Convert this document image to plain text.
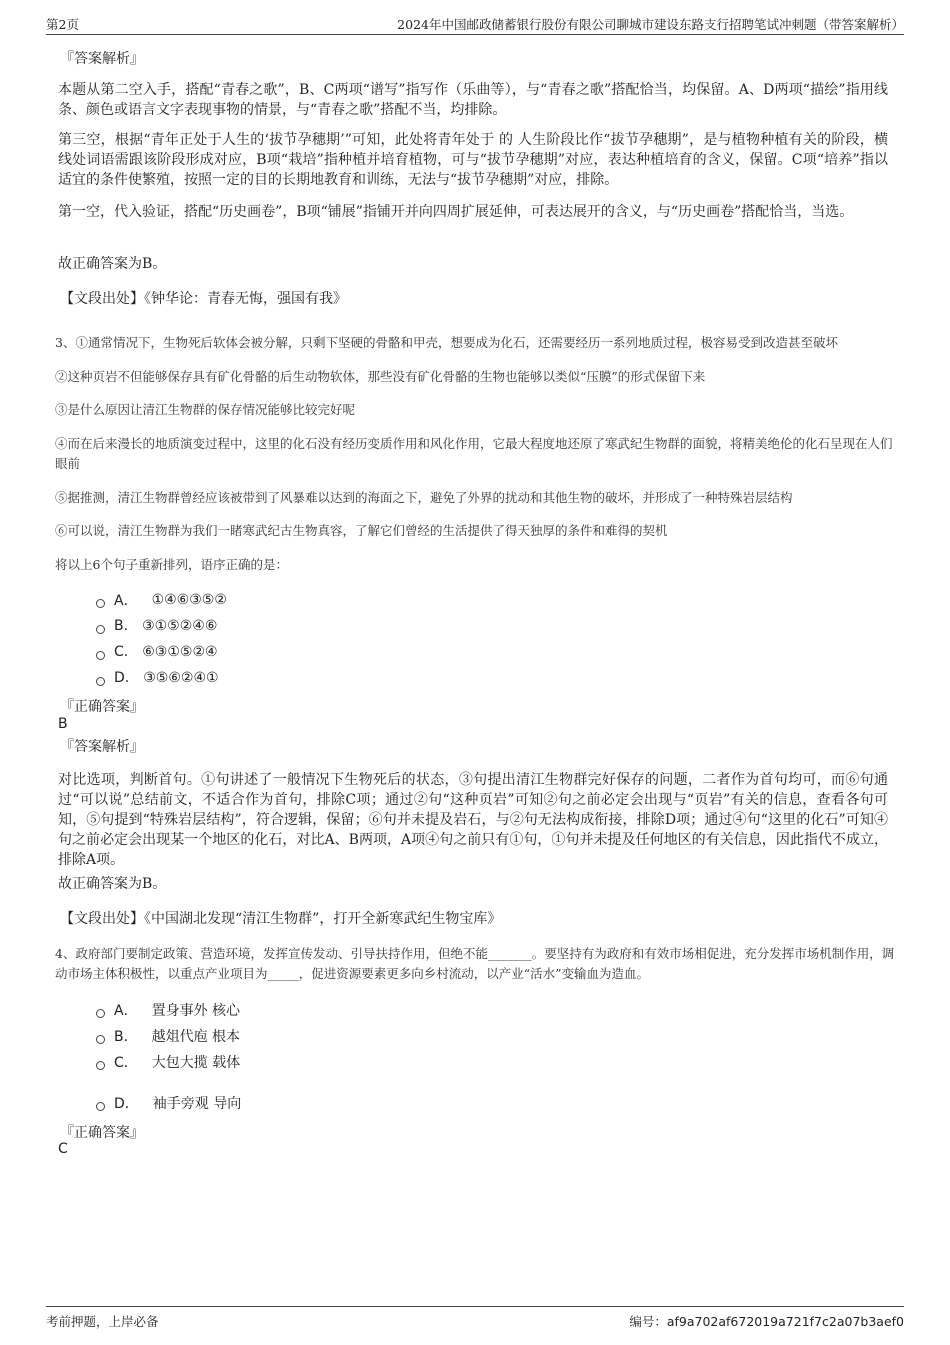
第2页	2024年中国邮政储蓄银行股份有限公司聊城市建设东路支行招聘笔试冲刺题（带答案解析）
『答案解析』

本题从第二空入手，搭配“青春之歌”，B、C两项“谱写”指写作（乐曲等），与“青春之歌”搭配恰当，均保留。A、D两项“描绘”指用线条、颜色或语言文字表现事物的情景，与“青春之歌”搭配不当，均排除。

第三空，根据“青年正处于人生的‘拔节孕穗期’”可知，此处将青年处于 的 人生阶段比作“拔节孕穗期”，是与植物种植有关的阶段，横线处词语需跟该阶段形成对应，B项“栽培”指种植并培育植物，可与“拔节孕穗期”对应，表达种植培育的含义，保留。C项“培养”指以适宜的条件使繁殖，按照一定的目的长期地教育和训练，无法与“拔节孕穗期”对应，排除。

第一空，代入验证，搭配“历史画卷”，B项“铺展”指铺开并向四周扩展延伸，可表达展开的含义，与“历史画卷”搭配恰当，当选。

故正确答案为B。

【文段出处】《钟华论：青春无悔，强国有我》

3、①通常情况下，生物死后软体会被分解，只剩下坚硬的骨骼和甲壳，想要成为化石，还需要经历一系列地质过程，极容易受到改造甚至破坏

②这种页岩不但能够保存具有矿化骨骼的后生动物软体，那些没有矿化骨骼的生物也能够以类似“压膜”的形式保留下来

③是什么原因让清江生物群的保存情况能够比较完好呢

④而在后来漫长的地质演变过程中，这里的化石没有经历变质作用和风化作用，它最大程度地还原了寒武纪生物群的面貌，将精美绝伦的化石呈现在人们眼前

⑤据推测，清江生物群曾经应该被带到了风暴难以达到的海面之下，避免了外界的扰动和其他生物的破坏，并形成了一种特殊岩层结构

⑥可以说，清江生物群为我们一睹寒武纪古生物真容，了解它们曾经的生活提供了得天独厚的条件和难得的契机

将以上6个句子重新排列，语序正确的是：

A． ①④⑥③⑤②
B. ③①⑤②④⑥
C. ⑥③①⑤②④
D. ③⑤⑥②④①
『正确答案』
B
『答案解析』

对比选项，判断首句。①句讲述了一般情况下生物死后的状态，③句提出清江生物群完好保存的问题，二者作为首句均可，而⑥句通过“可以说”总结前文，不适合作为首句，排除C项；通过②句“这种页岩”可知②句之前必定会出现与“页岩”有关的信息，查看各句可知，⑤句提到“特殊岩层结构”，符合逻辑，保留；⑥句并未提及岩石，与②句无法构成衔接，排除D项；通过④句“这里的化石”可知④句之前必定会出现某一个地区的化石，对比A、B两项，A项④句之前只有①句，①句并未提及任何地区的有关信息，因此指代不成立，排除A项。

故正确答案为B。

【文段出处】《中国湖北发现“清江生物群”，打开全新寒武纪生物宝库》

4、政府部门要制定政策、营造环境，发挥宣传发动、引导扶持作用，但绝不能_______。要坚持有为政府和有效市场相促进，充分发挥市场机制作用，调动市场主体积极性，以重点产业项目为_____，促进资源要素更多向乡村流动，以产业“活水”变输血为造血。

A． 置身事外 核心
B． 越俎代庖 根本
C． 大包大揽 载体
D． 袖手旁观 导向
『正确答案』
C
考前押题，上岸必备	编号：af9a702af672019a721f7c2a07b3aef0
